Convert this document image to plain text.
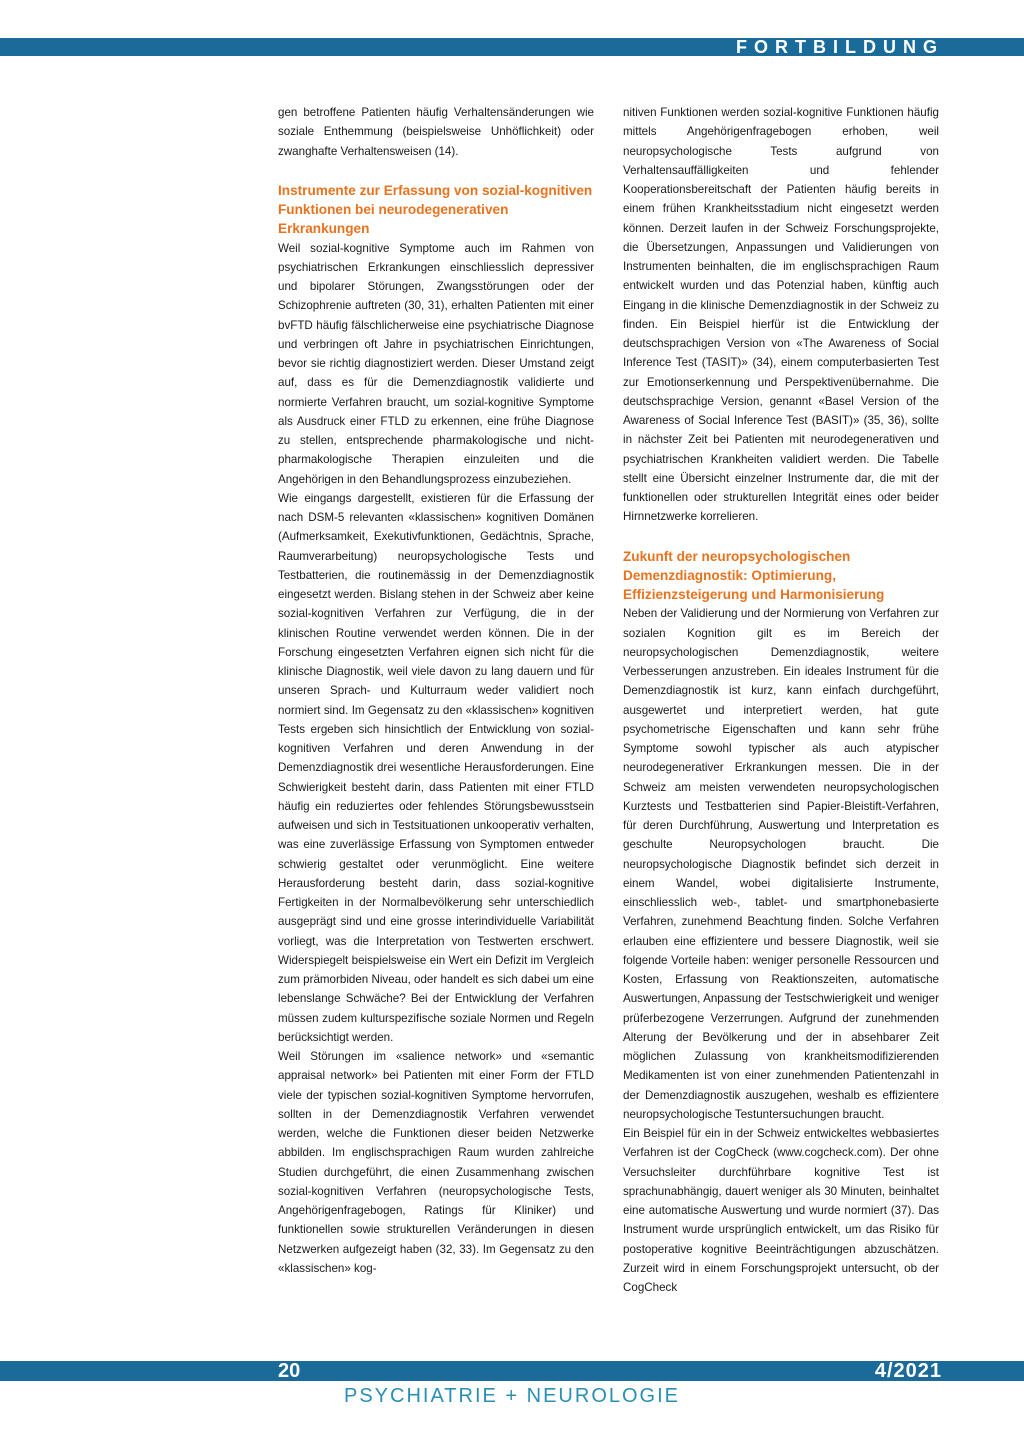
FORTBILDUNG

gen betroffene Patienten häufig Verhaltensänderungen wie soziale Enthemmung (beispielsweise Unhöflichkeit) oder zwanghafte Verhaltensweisen (14).

Instrumente zur Erfassung von sozial-kognitiven Funktionen bei neurodegenerativen Erkrankungen

Weil sozial-kognitive Symptome auch im Rahmen von psychiatrischen Erkrankungen einschliesslich depressiver und bipolarer Störungen, Zwangsstörungen oder der Schizophrenie auftreten (30, 31), erhalten Patienten mit einer bvFTD häufig fälschlicherweise eine psychiatrische Diagnose und verbringen oft Jahre in psychiatrischen Einrichtungen, bevor sie richtig diagnostiziert werden. Dieser Umstand zeigt auf, dass es für die Demenzdiagnostik validierte und normierte Verfahren braucht, um sozial-kognitive Symptome als Ausdruck einer FTLD zu erkennen, eine frühe Diagnose zu stellen, entsprechende pharmakologische und nicht-pharmakologische Therapien einzuleiten und die Angehörigen in den Behandlungsprozess einzubeziehen.

Wie eingangs dargestellt, existieren für die Erfassung der nach DSM-5 relevanten «klassischen» kognitiven Domänen (Aufmerksamkeit, Exekutivfunktionen, Gedächtnis, Sprache, Raumverarbeitung) neuropsychologische Tests und Testbatterien, die routinemässig in der Demenzdiagnostik eingesetzt werden. Bislang stehen in der Schweiz aber keine sozial-kognitiven Verfahren zur Verfügung, die in der klinischen Routine verwendet werden können. Die in der Forschung eingesetzten Verfahren eignen sich nicht für die klinische Diagnostik, weil viele davon zu lang dauern und für unseren Sprach- und Kulturraum weder validiert noch normiert sind. Im Gegensatz zu den «klassischen» kognitiven Tests ergeben sich hinsichtlich der Entwicklung von sozial-kognitiven Verfahren und deren Anwendung in der Demenzdiagnostik drei wesentliche Herausforderungen. Eine Schwierigkeit besteht darin, dass Patienten mit einer FTLD häufig ein reduziertes oder fehlendes Störungsbewusstsein aufweisen und sich in Testsituationen unkooperativ verhalten, was eine zuverlässige Erfassung von Symptomen entweder schwierig gestaltet oder verunmöglicht. Eine weitere Herausforderung besteht darin, dass sozial-kognitive Fertigkeiten in der Normalbevölkerung sehr unterschiedlich ausgeprägt sind und eine grosse interindividuelle Variabilität vorliegt, was die Interpretation von Testwerten erschwert. Widerspiegelt beispielsweise ein Wert ein Defizit im Vergleich zum prämorbiden Niveau, oder handelt es sich dabei um eine lebenslange Schwäche? Bei der Entwicklung der Verfahren müssen zudem kulturspezifische soziale Normen und Regeln berücksichtigt werden.

Weil Störungen im «salience network» und «semantic appraisal network» bei Patienten mit einer Form der FTLD viele der typischen sozial-kognitiven Symptome hervorrufen, sollten in der Demenzdiagnostik Verfahren verwendet werden, welche die Funktionen dieser beiden Netzwerke abbilden. Im englischsprachigen Raum wurden zahlreiche Studien durchgeführt, die einen Zusammenhang zwischen sozial-kognitiven Verfahren (neuropsychologische Tests, Angehörigenfragebogen, Ratings für Kliniker) und funktionellen sowie strukturellen Veränderungen in diesen Netzwerken aufgezeigt haben (32, 33). Im Gegensatz zu den «klassischen» kog-

nitiven Funktionen werden sozial-kognitive Funktionen häufig mittels Angehörigenfragebogen erhoben, weil neuropsychologische Tests aufgrund von Verhaltensauffälligkeiten und fehlender Kooperationsbereitschaft der Patienten häufig bereits in einem frühen Krankheitsstadium nicht eingesetzt werden können. Derzeit laufen in der Schweiz Forschungsprojekte, die Übersetzungen, Anpassungen und Validierungen von Instrumenten beinhalten, die im englischsprachigen Raum entwickelt wurden und das Potenzial haben, künftig auch Eingang in die klinische Demenzdiagnostik in der Schweiz zu finden. Ein Beispiel hierfür ist die Entwicklung der deutschsprachigen Version von «The Awareness of Social Inference Test (TASIT)» (34), einem computerbasierten Test zur Emotionserkennung und Perspektivenübernahme. Die deutschsprachige Version, genannt «Basel Version of the Awareness of Social Inference Test (BASIT)» (35, 36), sollte in nächster Zeit bei Patienten mit neurodegenerativen und psychiatrischen Krankheiten validiert werden. Die Tabelle stellt eine Übersicht einzelner Instrumente dar, die mit der funktionellen oder strukturellen Integrität eines oder beider Hirnnetzwerke korrelieren.

Zukunft der neuropsychologischen Demenzdiagnostik: Optimierung, Effizienzsteigerung und Harmonisierung

Neben der Validierung und der Normierung von Verfahren zur sozialen Kognition gilt es im Bereich der neuropsychologischen Demenzdiagnostik, weitere Verbesserungen anzustreben. Ein ideales Instrument für die Demenzdiagnostik ist kurz, kann einfach durchgeführt, ausgewertet und interpretiert werden, hat gute psychometrische Eigenschaften und kann sehr frühe Symptome sowohl typischer als auch atypischer neurodegenerativer Erkrankungen messen. Die in der Schweiz am meisten verwendeten neuropsychologischen Kurztests und Testbatterien sind Papier-Bleistift-Verfahren, für deren Durchführung, Auswertung und Interpretation es geschulte Neuropsychologen braucht. Die neuropsychologische Diagnostik befindet sich derzeit in einem Wandel, wobei digitalisierte Instrumente, einschliesslich web-, tablet- und smartphonebasierte Verfahren, zunehmend Beachtung finden. Solche Verfahren erlauben eine effizientere und bessere Diagnostik, weil sie folgende Vorteile haben: weniger personelle Ressourcen und Kosten, Erfassung von Reaktionszeiten, automatische Auswertungen, Anpassung der Testschwierigkeit und weniger prüferbezogene Verzerrungen. Aufgrund der zunehmenden Alterung der Bevölkerung und der in absehbarer Zeit möglichen Zulassung von krankheitsmodifizierenden Medikamenten ist von einer zunehmenden Patientenzahl in der Demenzdiagnostik auszugehen, weshalb es effizientere neuropsychologische Testuntersuchungen braucht.

Ein Beispiel für ein in der Schweiz entwickeltes webbasiertes Verfahren ist der CogCheck (www.cogcheck.com). Der ohne Versuchsleiter durchführbare kognitive Test ist sprachunabhängig, dauert weniger als 30 Minuten, beinhaltet eine automatische Auswertung und wurde normiert (37). Das Instrument wurde ursprünglich entwickelt, um das Risiko für postoperative kognitive Beeinträchtigungen abzuschätzen. Zurzeit wird in einem Forschungsprojekt untersucht, ob der CogCheck

20	4/2021
PSYCHIATRIE + NEUROLOGIE
